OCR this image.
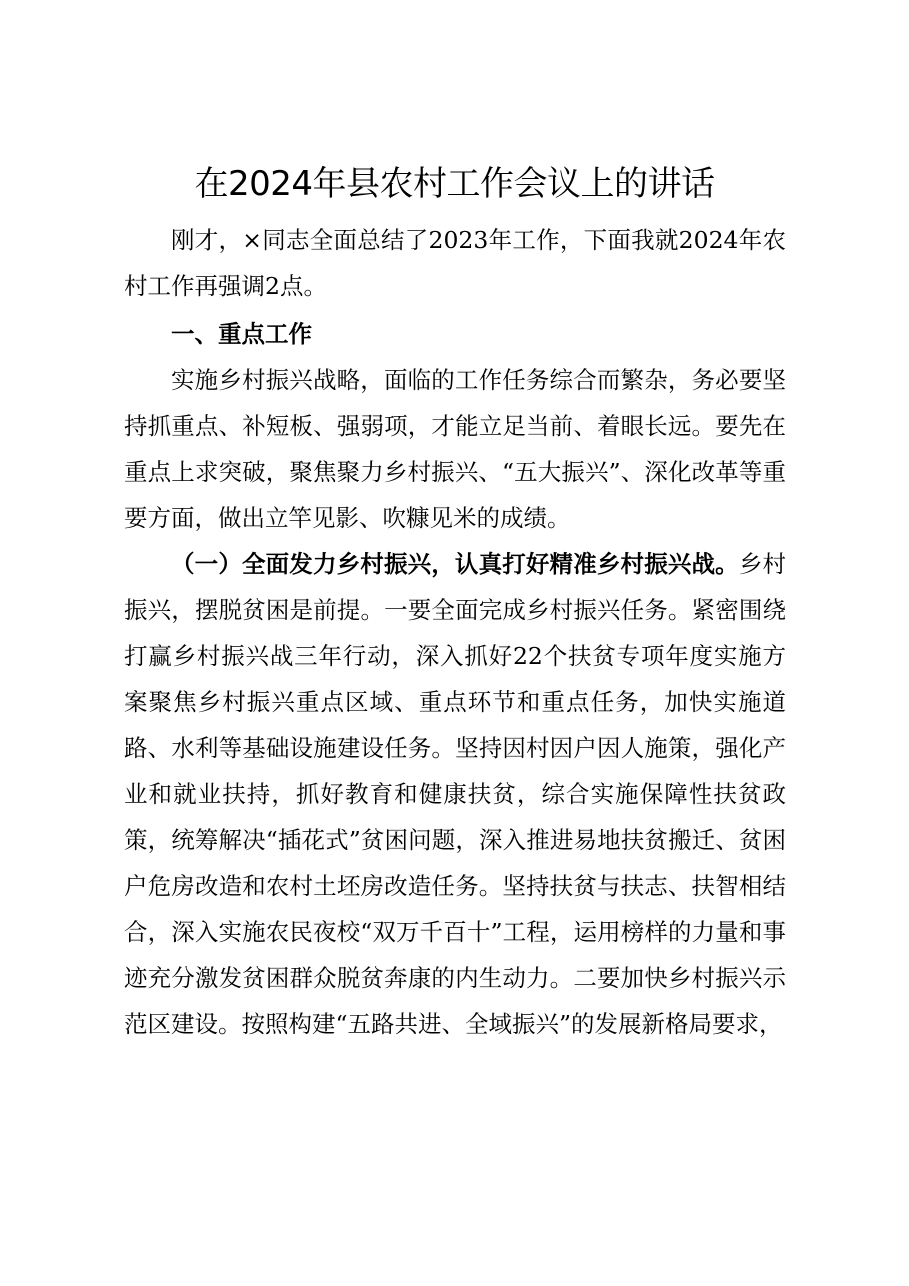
在2024年县农村工作会议上的讲话

刚才，×同志全面总结了2023年工作，下面我就2024年农村工作再强调2点。

一、重点工作

实施乡村振兴战略，面临的工作任务综合而繁杂，务必要坚持抓重点、补短板、强弱项，才能立足当前、着眼长远。要先在重点上求突破，聚焦聚力乡村振兴、“五大振兴”、深化改革等重要方面，做出立竿见影、吹糠见米的成绩。

（一）全面发力乡村振兴，认真打好精准乡村振兴战。乡村振兴，摆脱贫困是前提。一要全面完成乡村振兴任务。紧密围绕打赢乡村振兴战三年行动，深入抓好22个扶贫专项年度实施方案聚焦乡村振兴重点区域、重点环节和重点任务，加快实施道路、水利等基础设施建设任务。坚持因村因户因人施策，强化产业和就业扶持，抓好教育和健康扶贫，综合实施保障性扶贫政策，统筹解决“插花式”贫困问题，深入推进易地扶贫搬迁、贫困户危房改造和农村土坯房改造任务。坚持扶贫与扶志、扶智相结合，深入实施农民夜校“双万千百十”工程，运用榜样的力量和事迹充分激发贫困群众脱贫奔康的内生动力。二要加快乡村振兴示范区建设。按照构建“五路共进、全域振兴”的发展新格局要求，
